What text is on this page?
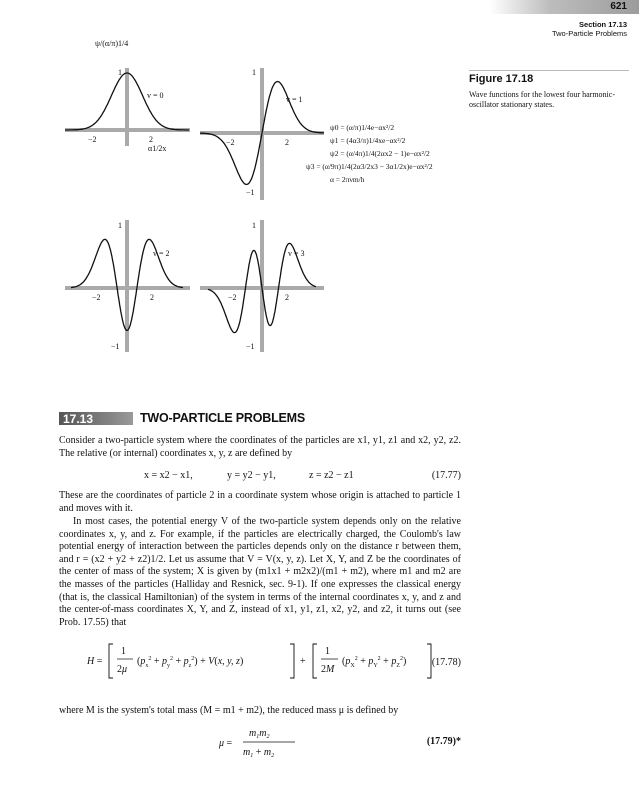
621
Section 17.13
Two-Particle Problems
Figure 17.18
Wave functions for the lowest four harmonic-oscillator stationary states.
1
−2	2
v = 0
ψ/(α/π)1/4
α1/2x
1
−1
−2	2
v = 1
1
−1
−2	2
v = 2
1
−1
−2	2
v = 3
ψ0 = (α/π)1/4e−αx²/2
ψ1 = (4α3/π)1/4xe−αx²/2
ψ2 = (α/4π)1/4(2αx2 − 1)e−αx²/2
ψ3 = (α/9π)1/4(2α3/2x3 − 3α1/2x)e−αx²/2
α = 2πνm/h
17.13	TWO-PARTICLE PROBLEMS
Consider a two-particle system where the coordinates of the particles are x1, y1, z1 and x2, y2, z2. The relative (or internal) coordinates x, y, z are defined by
x = x2 − x1,	y = y2 − y1,	z = z2 − z1	(17.77)
These are the coordinates of particle 2 in a coordinate system whose origin is attached to particle 1 and moves with it.
In most cases, the potential energy V of the two-particle system depends only on the relative coordinates x, y, and z. For example, if the particles are electrically charged, the Coulomb's law potential energy of interaction between the particles depends only on the distance r between them, and r = (x2 + y2 + z2)1/2. Let us assume that V = V(x, y, z). Let X, Y, and Z be the coordinates of the center of mass of the system; X is given by (m1x1 + m2x2)/(m1 + m2), where m1 and m2 are the masses of the particles (Halliday and Resnick, sec. 9-1). If one expresses the classical energy (that is, the classical Hamiltonian) of the system in terms of the internal coordinates x, y, and z and the center-of-mass coordinates X, Y, and Z, instead of x1, y1, z1, x2, y2, and z2, it turns out (see Prob. 17.55) that
H =
1
2μ
$(p_x^2 + p_y^2 + p_z^2) + V(x$, y, z)	+
1
2M
$(p_X^2 + p_Y^2 + p_Z^2)$	(17.78)
where M is the system's total mass (M = m1 + m2), the reduced mass μ is defined by
μ =
$m_1m_2$
$m_1 + m_2$
(17.79)*
